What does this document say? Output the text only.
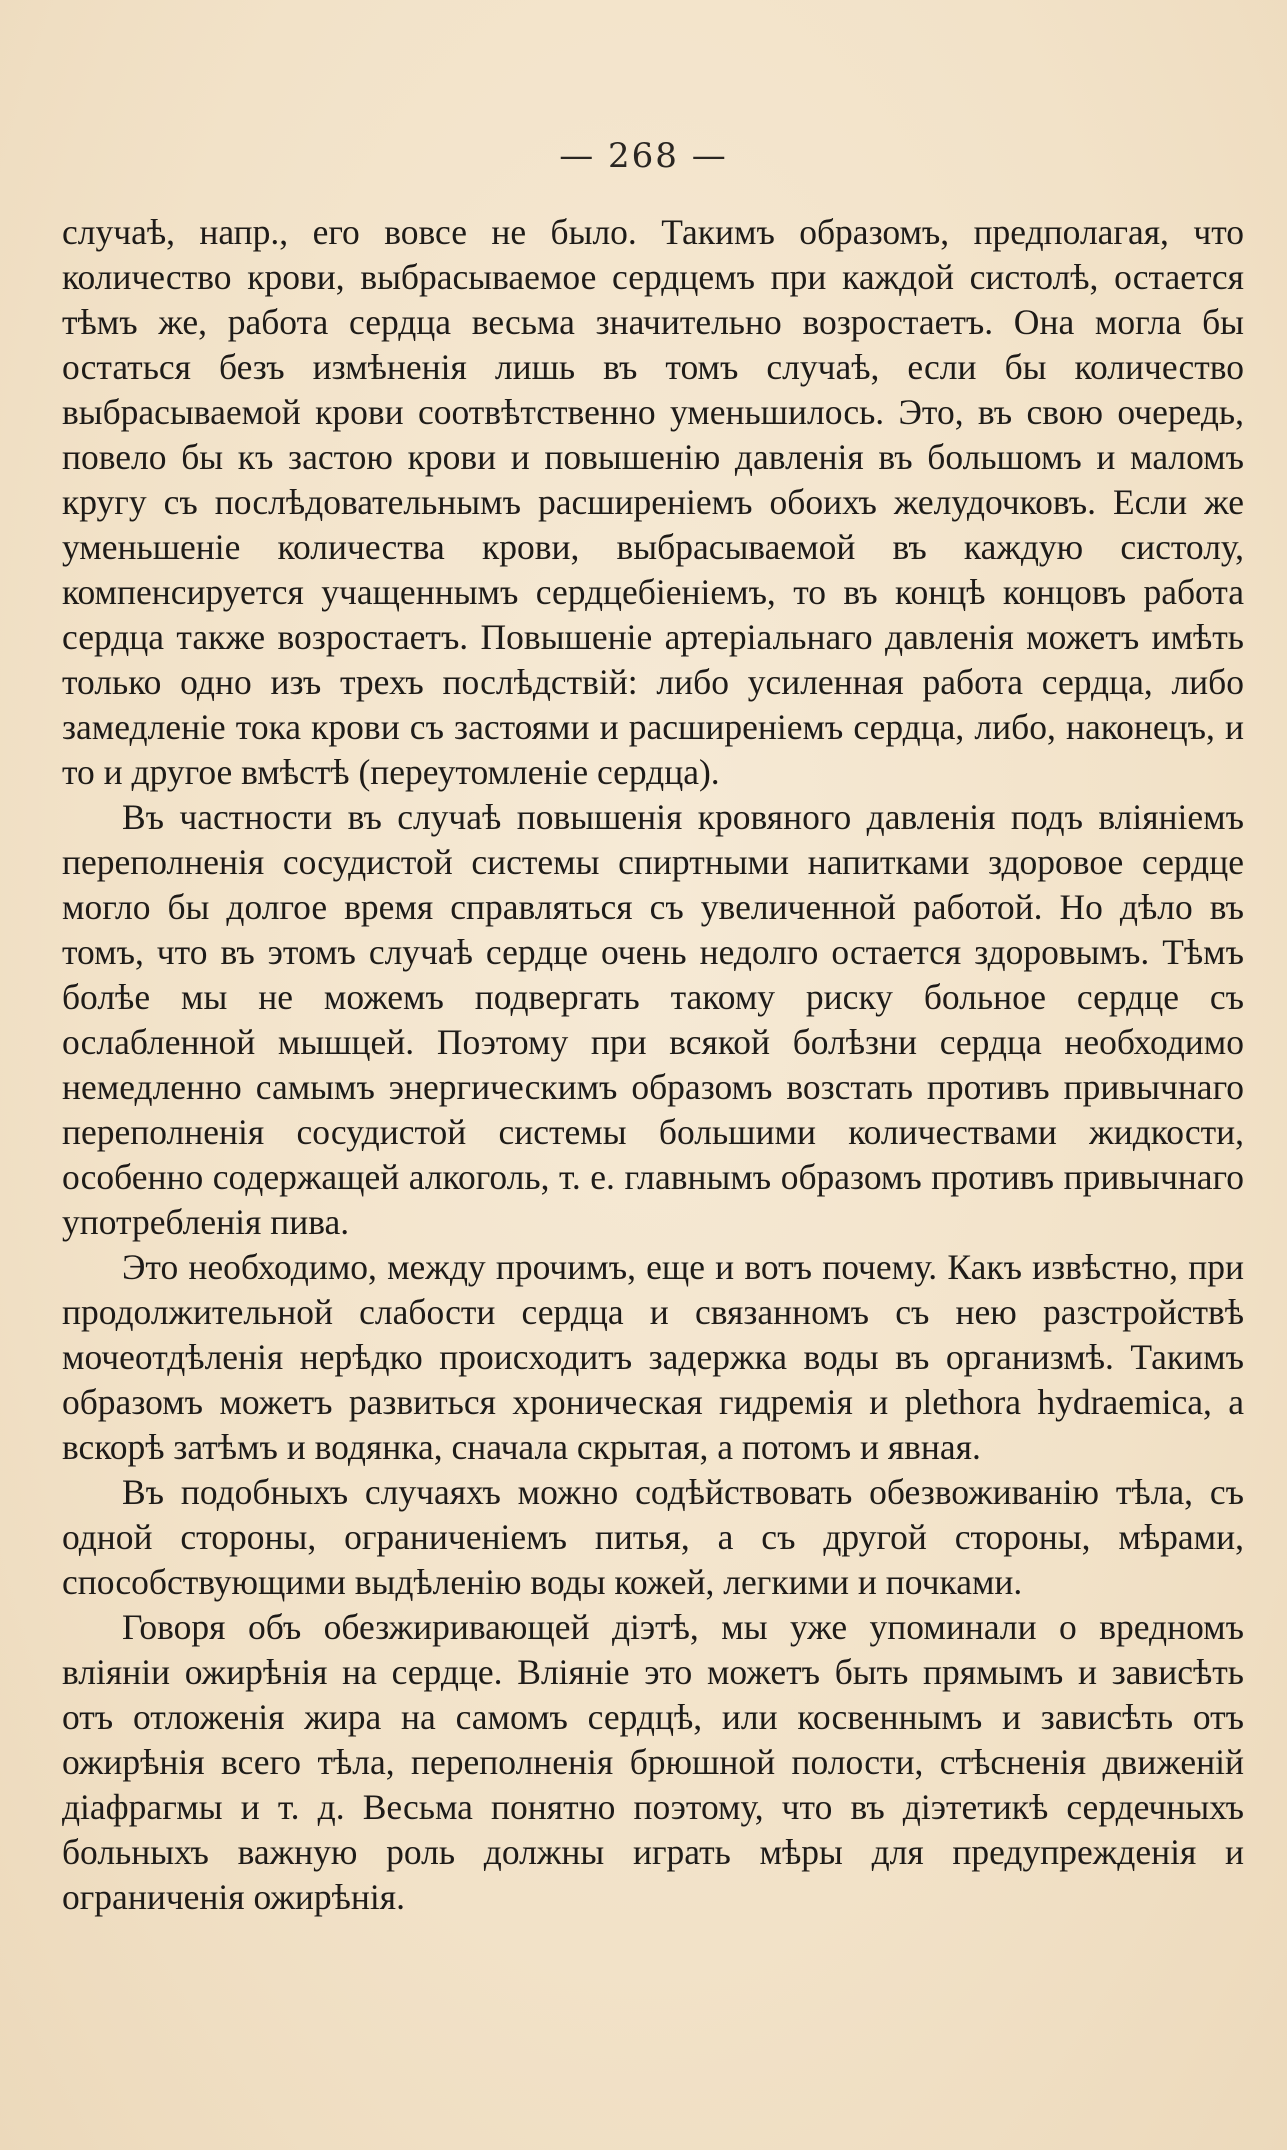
— 268 —

случаѣ, напр., его вовсе не было. Такимъ образомъ, предполагая, что количество крови, выбрасываемое сердцемъ при каждой систолѣ, остается тѣмъ же, работа сердца весьма значительно возростаетъ. Она могла бы остаться безъ измѣненія лишь въ томъ случаѣ, если бы количество выбрасываемой крови соотвѣтственно уменьшилось. Это, въ свою очередь, повело бы къ застою крови и повышенію давленія въ большомъ и маломъ кругу съ послѣдовательнымъ расширеніемъ обоихъ желудочковъ. Если же уменьшеніе количества крови, выбрасываемой въ каждую систолу, компенсируется учащеннымъ сердцебіеніемъ, то въ концѣ концовъ работа сердца также возростаетъ. Повышеніе артеріальнаго давленія можетъ имѣть только одно изъ трехъ послѣдствій: либо усиленная работа сердца, либо замедленіе тока крови съ застоями и расширеніемъ сердца, либо, наконецъ, и то и другое вмѣстѣ (переутомленіе сердца).

Въ частности въ случаѣ повышенія кровяного давленія подъ вліяніемъ переполненія сосудистой системы спиртными напитками здоровое сердце могло бы долгое время справляться съ увеличенной работой. Но дѣло въ томъ, что въ этомъ случаѣ сердце очень недолго остается здоровымъ. Тѣмъ болѣе мы не можемъ подвергать такому риску больное сердце съ ослабленной мышцей. Поэтому при всякой болѣзни сердца необходимо немедленно самымъ энергическимъ образомъ возстать противъ привычнаго переполненія сосудистой системы большими количествами жидкости, особенно содержащей алкоголь, т. е. главнымъ образомъ противъ привычнаго употребленія пива.

Это необходимо, между прочимъ, еще и вотъ почему. Какъ извѣстно, при продолжительной слабости сердца и связанномъ съ нею разстройствѣ мочеотдѣленія нерѣдко происходитъ задержка воды въ организмѣ. Такимъ образомъ можетъ развиться хроническая гидремія и plethora hydraemica, а вскорѣ затѣмъ и водянка, сначала скрытая, а потомъ и явная.

Въ подобныхъ случаяхъ можно содѣйствовать обезвоживанію тѣла, съ одной стороны, ограниченіемъ питья, а съ другой стороны, мѣрами, способствующими выдѣленію воды кожей, легкими и почками.

Говоря объ обезжиривающей діэтѣ, мы уже упоминали о вредномъ вліяніи ожирѣнія на сердце. Вліяніе это можетъ быть прямымъ и зависѣть отъ отложенія жира на самомъ сердцѣ, или косвеннымъ и зависѣть отъ ожирѣнія всего тѣла, переполненія брюшной полости, стѣсненія движеній діафрагмы и т. д. Весьма понятно поэтому, что въ діэтетикѣ сердечныхъ больныхъ важную роль должны играть мѣры для предупрежденія и ограниченія ожирѣнія.
